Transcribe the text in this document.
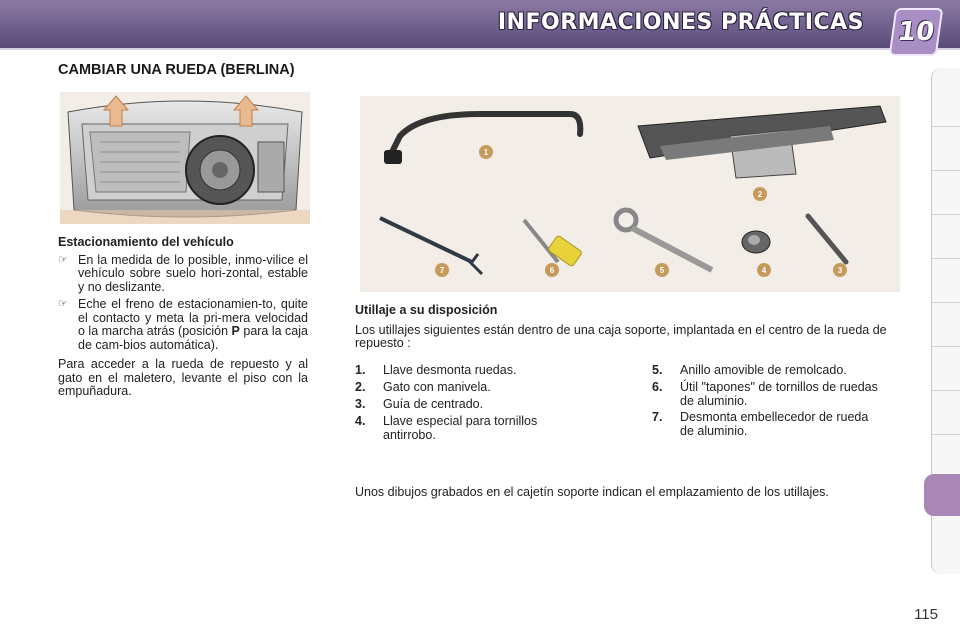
INFORMACIONES PRÁCTICAS 10
CAMBIAR UNA RUEDA (BERLINA)
Estacionamiento del vehículo
☞ En la medida de lo posible, inmo-vilice el vehículo sobre suelo hori-zontal, estable y no deslizante.
☞ Eche el freno de estacionamien-to, quite el contacto y meta la pri-mera velocidad o la marcha atrás (posición P para la caja de cam-bios automática).
Para acceder a la rueda de repuesto y al gato en el maletero, levante el piso con la empuñadura.
1
2
3
4
5
6
7
Utillaje a su disposición

Los utillajes siguientes están dentro de una caja soporte, implantada en el centro de la rueda de repuesto :

1. Llave desmonta ruedas.
2. Gato con manivela.
3. Guía de centrado.
4. Llave especial para tornillos antirrobo.
5. Anillo amovible de remolcado.
6. Útil "tapones" de tornillos de ruedas de aluminio.
7. Desmonta embellecedor de rueda de aluminio.
Unos dibujos grabados en el cajetín soporte indican el emplazamiento de los utillajes.
115
